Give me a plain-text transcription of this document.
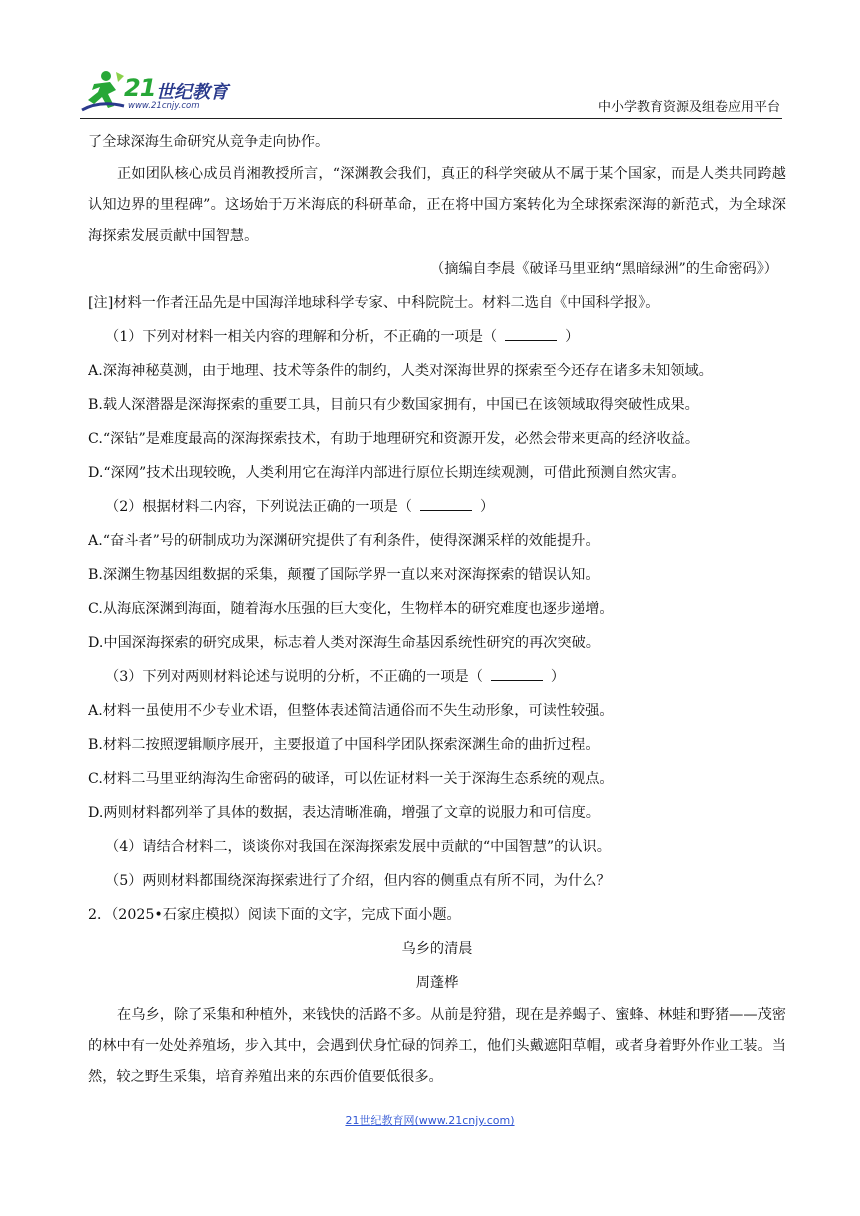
21 世纪教育
www.21cnjy.com	中小学教育资源及组卷应用平台

了全球深海生命研究从竞争走向协作。

正如团队核心成员肖湘教授所言，“深渊教会我们，真正的科学突破从不属于某个国家，而是人类共同跨越认知边界的里程碑”。这场始于万米海底的科研革命，正在将中国方案转化为全球探索深海的新范式，为全球深海探索发展贡献中国智慧。

（摘编自李晨《破译马里亚纳“黑暗绿洲”的生命密码》）

[注]材料一作者汪品先是中国海洋地球科学专家、中科院院士。材料二选自《中国科学报》。

（1）下列对材料一相关内容的理解和分析，不正确的一项是（	）

A.深海神秘莫测，由于地理、技术等条件的制约，人类对深海世界的探索至今还存在诸多未知领域。

B.载人深潜器是深海探索的重要工具，目前只有少数国家拥有，中国已在该领域取得突破性成果。

C.“深钻”是难度最高的深海探索技术，有助于地理研究和资源开发，必然会带来更高的经济收益。

D.“深网”技术出现较晚，人类利用它在海洋内部进行原位长期连续观测，可借此预测自然灾害。

（2）根据材料二内容，下列说法正确的一项是（	）

A.“奋斗者”号的研制成功为深渊研究提供了有利条件，使得深渊采样的效能提升。

B.深渊生物基因组数据的采集，颠覆了国际学界一直以来对深海探索的错误认知。

C.从海底深渊到海面，随着海水压强的巨大变化，生物样本的研究难度也逐步递增。

D.中国深海探索的研究成果，标志着人类对深海生命基因系统性研究的再次突破。

（3）下列对两则材料论述与说明的分析，不正确的一项是（	）

A.材料一虽使用不少专业术语，但整体表述简洁通俗而不失生动形象，可读性较强。

B.材料二按照逻辑顺序展开，主要报道了中国科学团队探索深渊生命的曲折过程。

C.材料二马里亚纳海沟生命密码的破译，可以佐证材料一关于深海生态系统的观点。

D.两则材料都列举了具体的数据，表达清晰准确，增强了文章的说服力和可信度。

（4）请结合材料二，谈谈你对我国在深海探索发展中贡献的“中国智慧”的认识。

（5）两则材料都围绕深海探索进行了介绍，但内容的侧重点有所不同，为什么？

2．（2025•石家庄模拟）阅读下面的文字，完成下面小题。

乌乡的清晨

周蓬桦

在乌乡，除了采集和种植外，来钱快的活路不多。从前是狩猎，现在是养蝎子、蜜蜂、林蛙和野猪——茂密的林中有一处处养殖场，步入其中，会遇到伏身忙碌的饲养工，他们头戴遮阳草帽，或者身着野外作业工装。当然，较之野生采集，培育养殖出来的东西价值要低很多。

21世纪教育网(www.21cnjy.com)
